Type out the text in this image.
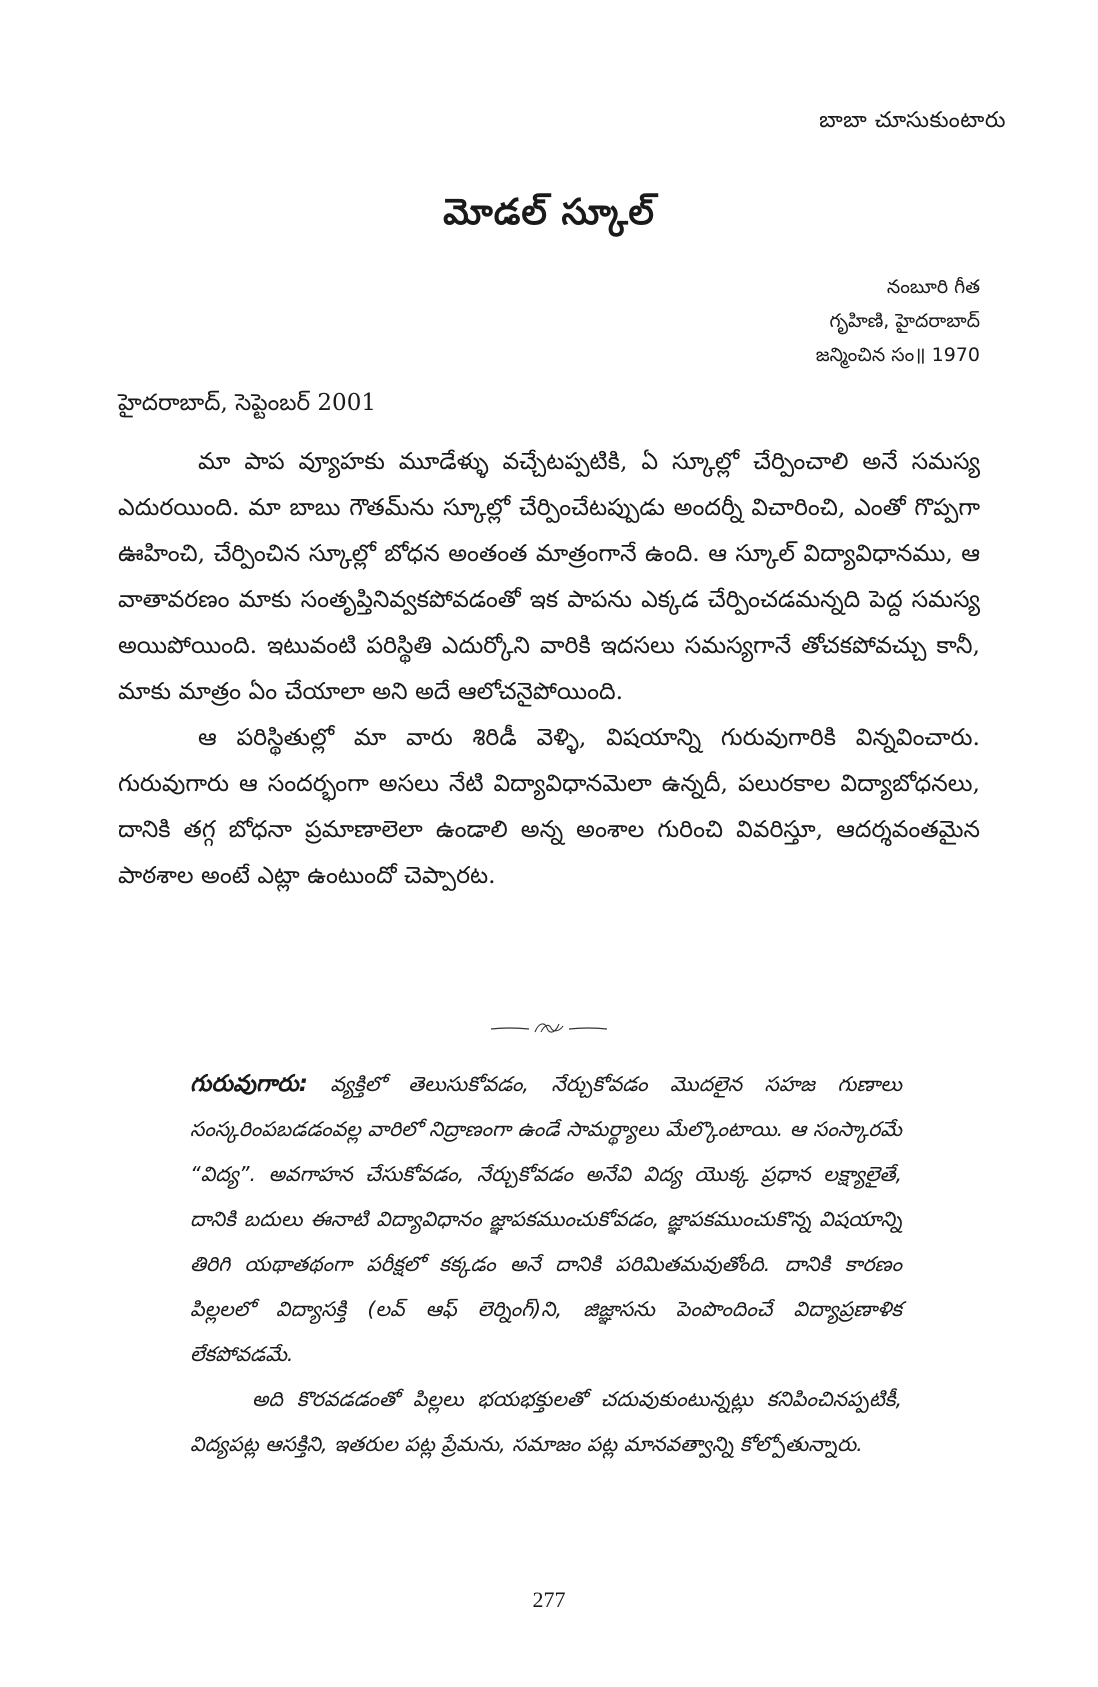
బాబా చూసుకుంటారు
మోడల్ స్కూల్
నంబూరి గీత
గృహిణి, హైదరాబాద్
జన్మించిన సం॥ 1970
హైదరాబాద్, సెప్టెంబర్ 2001

మా పాప వ్యూహకు మూడేళ్ళు వచ్చేటప్పటికి, ఏ స్కూల్లో చేర్పించాలి అనే సమస్య ఎదురయింది. మా బాబు గౌతమ్‌ను స్కూల్లో చేర్పించేటప్పుడు అందర్నీ విచారించి, ఎంతో గొప్పగా ఊహించి, చేర్పించిన స్కూల్లో బోధన అంతంత మాత్రంగానే ఉంది. ఆ స్కూల్ విద్యావిధానము, ఆ వాతావరణం మాకు సంతృప్తినివ్వకపోవడంతో ఇక పాపను ఎక్కడ చేర్పించడమన్నది పెద్ద సమస్య అయిపోయింది. ఇటువంటి పరిస్థితి ఎదుర్కోని వారికి ఇదసలు సమస్యగానే తోచకపోవచ్చు కానీ, మాకు మాత్రం ఏం చేయాలా అని అదే ఆలోచనైపోయింది.

ఆ పరిస్థితుల్లో మా వారు శిరిడీ వెళ్ళి, విషయాన్ని గురువుగారికి విన్నవించారు. గురువుగారు ఆ సందర్భంగా అసలు నేటి విద్యావిధానమెలా ఉన్నదీ, పలురకాల విద్యాబోధనలు, దానికి తగ్గ బోధనా ప్రమాణాలెలా ఉండాలి అన్న అంశాల గురించి వివరిస్తూ, ఆదర్శవంతమైన పాఠశాల అంటే ఎట్లా ఉంటుందో చెప్పారట.

గురువుగారు: వ్యక్తిలో తెలుసుకోవడం, నేర్చుకోవడం మొదలైన సహజ గుణాలు సంస్కరింపబడడంవల్ల వారిలో నిద్రాణంగా ఉండే సామర్థ్యాలు మేల్కొంటాయి. ఆ సంస్కారమే “విద్య”. అవగాహన చేసుకోవడం, నేర్చుకోవడం అనేవి విద్య యొక్క ప్రధాన లక్ష్యాలైతే, దానికి బదులు ఈనాటి విద్యావిధానం జ్ఞాపకముంచుకోవడం, జ్ఞాపకముంచుకొన్న విషయాన్ని తిరిగి యథాతథంగా పరీక్షలో కక్కడం అనే దానికి పరిమితమవుతోంది. దానికి కారణం పిల్లలలో విద్యాసక్తి (లవ్ ఆఫ్ లెర్నింగ్)ని, జిజ్ఞాసను పెంపొందించే విద్యాప్రణాళిక లేకపోవడమే.

అది కొరవడడంతో పిల్లలు భయభక్తులతో చదువుకుంటున్నట్లు కనిపించినప్పటికీ, విద్యపట్ల ఆసక్తిని, ఇతరుల పట్ల ప్రేమను, సమాజం పట్ల మానవత్వాన్ని కోల్పోతున్నారు.

277
